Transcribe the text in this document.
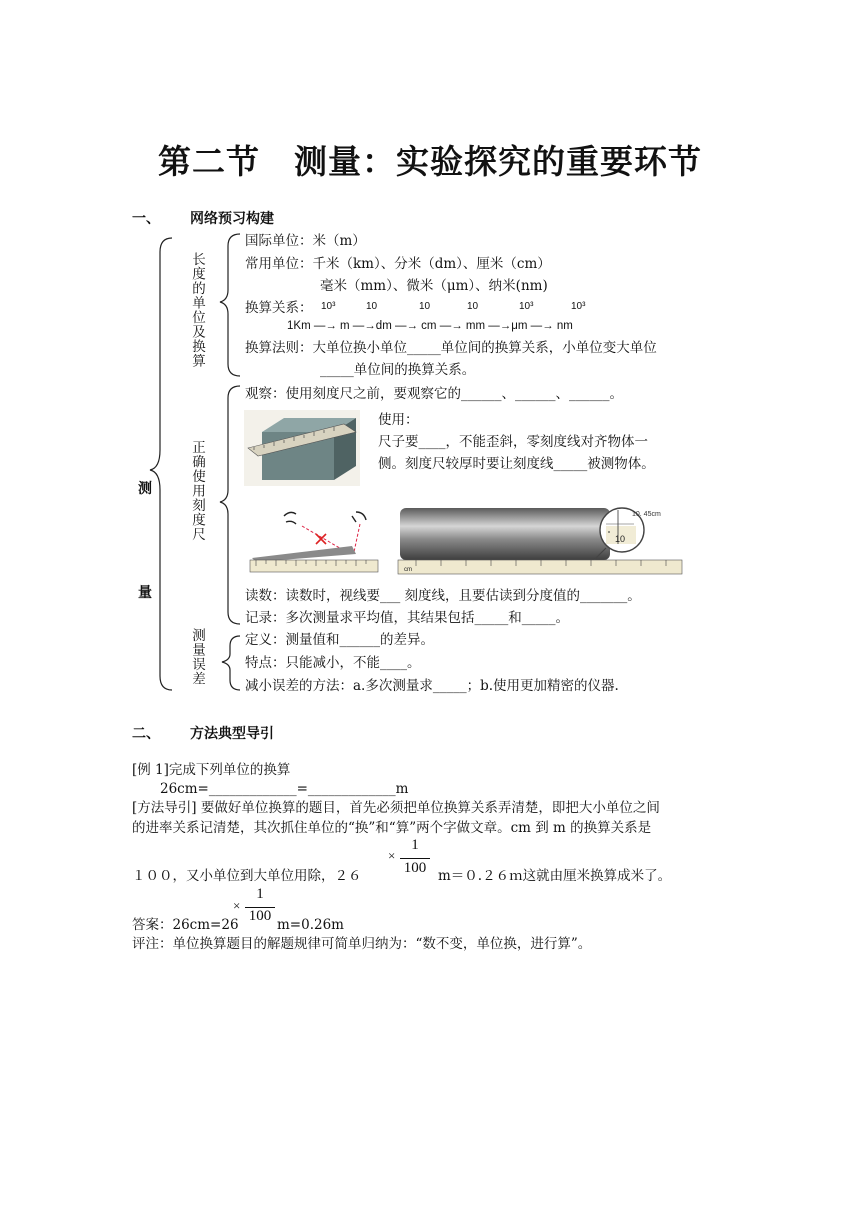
第二节　测量：实验探究的重要环节
一、 网络预习构建
测
量
长度的单位及换算
正确使用刻度尺
测量误差
国际单位：米（m）
常用单位：千米（km）、分米（dm）、厘米（cm）
毫米（mm）、微米（μm）、纳米(nm)
换算关系： 10³	10	10	10	10³	10³
1Km —→ m —→dm —→ cm —→ mm —→μm —→ nm
换算法则：大单位换小单位_____单位间的换算关系，小单位变大单位
_____单位间的换算关系。
观察：使用刻度尺之前，要观察它的______、______、______。
使用：
尺子要____，不能歪斜，零刻度线对齐物体一
侧。刻度尺较厚时要让刻度线_____被测物体。
10
10. 45cm
cm
读数：读数时，视线要___ 刻度线，且要估读到分度值的_______。
记录：多次测量求平均值，其结果包括_____和_____。
定义：测量值和______的差异。
特点：只能减小，不能____。
减小误差的方法：a.多次测量求_____；b.使用更加精密的仪器.
二、 方法典型导引
[例 1]完成下列单位的换算
26cm=_____________=_____________m
[方法导引] 要做好单位换算的题目，首先必须把单位换算关系弄清楚，即把大小单位之间
的进率关系记清楚，其次抓住单位的“换”和“算”两个字做文章。cm 到 m 的换算关系是
×
1
100
１００，又小单位到大单位用除，２６	m＝０.２６ｍ这就由厘米换算成米了。
×
1
100
答案：26cm=26	m=0.26m
评注：单位换算题目的解题规律可简单归纳为：“数不变，单位换，进行算”。
